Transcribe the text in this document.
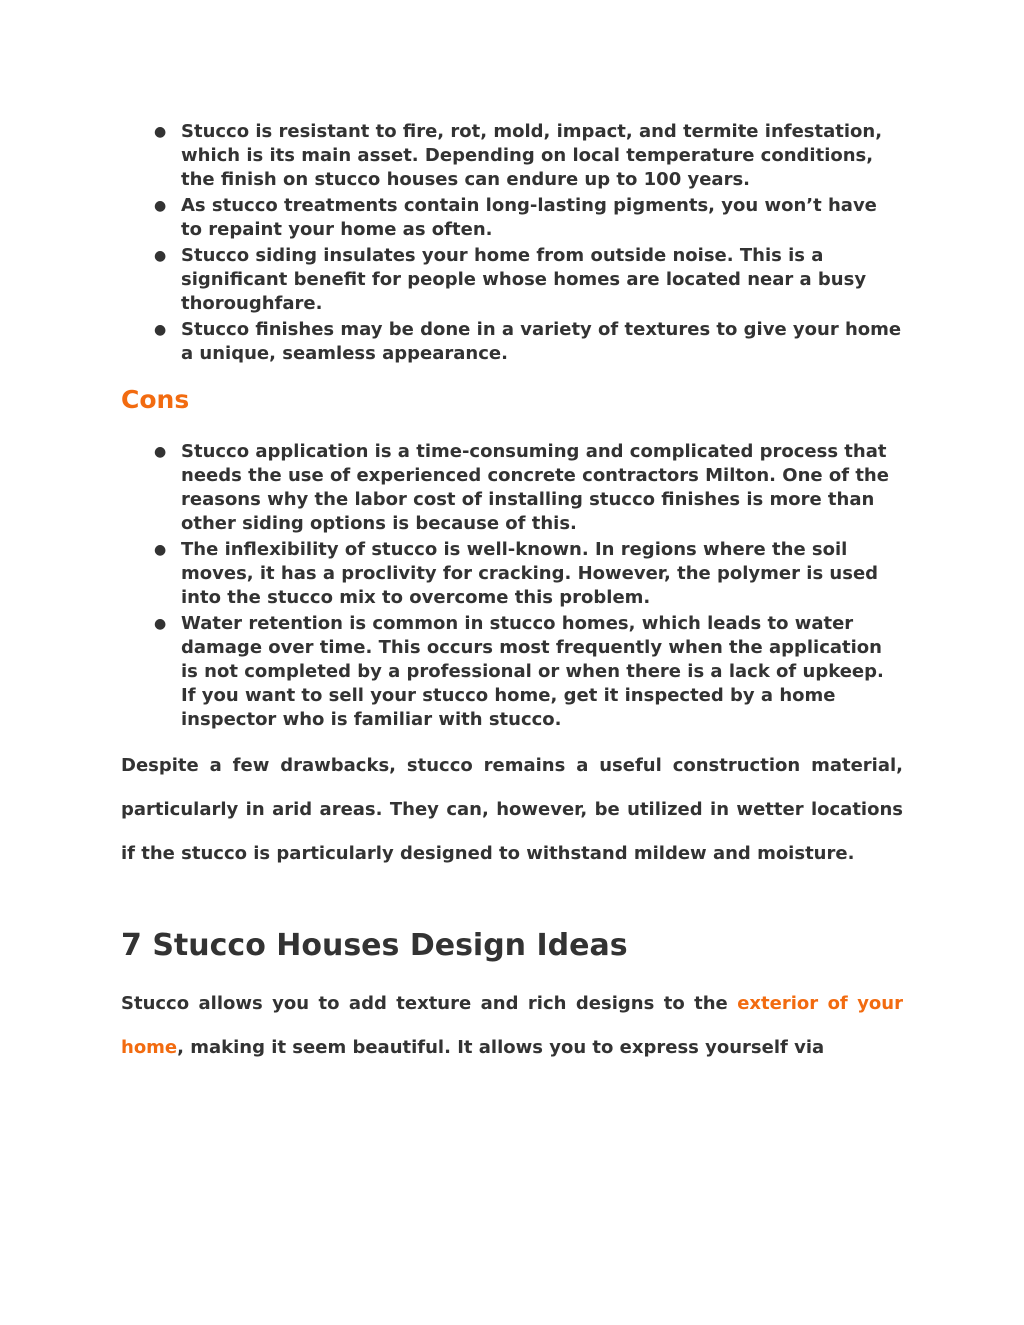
● Stucco is resistant to fire, rot, mold, impact, and termite infestation, which is its main asset. Depending on local temperature conditions, the finish on stucco houses can endure up to 100 years.
● As stucco treatments contain long-lasting pigments, you won’t have to repaint your home as often.
● Stucco siding insulates your home from outside noise. This is a significant benefit for people whose homes are located near a busy thoroughfare.
● Stucco finishes may be done in a variety of textures to give your home a unique, seamless appearance.
Cons
● Stucco application is a time-consuming and complicated process that needs the use of experienced concrete contractors Milton. One of the reasons why the labor cost of installing stucco finishes is more than other siding options is because of this.
● The inflexibility of stucco is well-known. In regions where the soil moves, it has a proclivity for cracking. However, the polymer is used into the stucco mix to overcome this problem.
● Water retention is common in stucco homes, which leads to water damage over time. This occurs most frequently when the application is not completed by a professional or when there is a lack of upkeep. If you want to sell your stucco home, get it inspected by a home inspector who is familiar with stucco.

Despite a few drawbacks, stucco remains a useful construction material, particularly in arid areas. They can, however, be utilized in wetter locations if the stucco is particularly designed to withstand mildew and moisture.

7 Stucco Houses Design Ideas

Stucco allows you to add texture and rich designs to the exterior of your home, making it seem beautiful. It allows you to express yourself via
